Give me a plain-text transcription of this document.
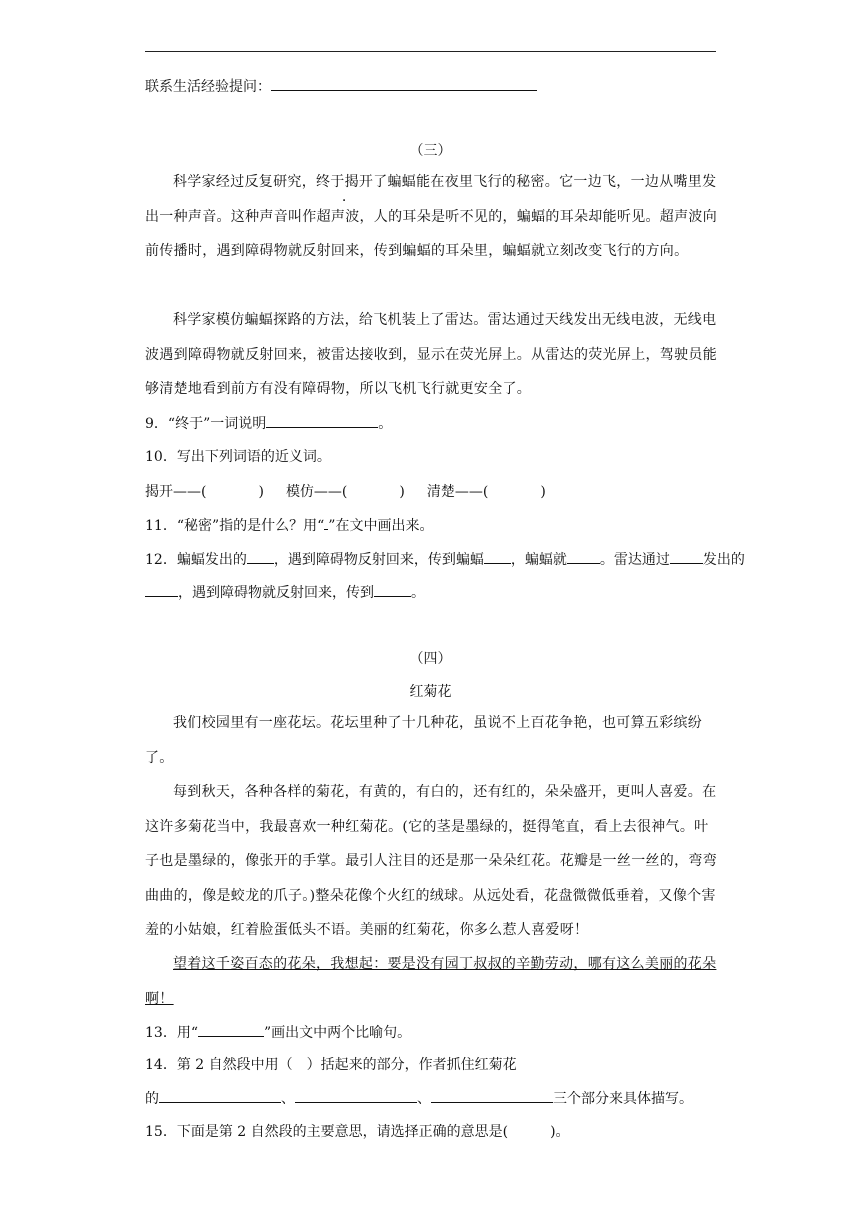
联系生活经验提问：
（三）
科学家经过反复研究，终于揭开了蝙蝠能在夜里飞行的秘密。它一边飞，一边从嘴里发出一种声音。这种声音叫作超声波，人的耳朵是听不见的，蝙蝠的耳朵却能听见。超声波向前传播时，遇到障碍物就反射回来，传到蝙蝠的耳朵里，蝙蝠就立刻改变飞行的方向。
科学家模仿蝙蝠探路的方法，给飞机装上了雷达。雷达通过天线发出无线电波，无线电波遇到障碍物就反射回来，被雷达接收到，显示在荧光屏上。从雷达的荧光屏上，驾驶员能够清楚地看到前方有没有障碍物，所以飞机飞行就更安全了。
9．“终于”一词说明	。
10．写出下列词语的近义词。
揭开——(	) 模仿——(	) 清楚——(	)
11．“秘密”指的是什么？用“ ”在文中画出来。
12．蝙蝠发出的 ，遇到障碍物反射回来，传到蝙蝠 ，蝙蝠就 。雷达通过 发出的
，遇到障碍物就反射回来，传到	。
（四）
红菊花
我们校园里有一座花坛。花坛里种了十几种花，虽说不上百花争艳，也可算五彩缤纷了。
每到秋天，各种各样的菊花，有黄的，有白的，还有红的，朵朵盛开，更叫人喜爱。在这许多菊花当中，我最喜欢一种红菊花。(它的茎是墨绿的，挺得笔直，看上去很神气。叶子也是墨绿的，像张开的手掌。最引人注目的还是那一朵朵红花。花瓣是一丝一丝的，弯弯曲曲的，像是蛟龙的爪子。)整朵花像个火红的绒球。从远处看，花盘微微低垂着，又像个害羞的小姑娘，红着脸蛋低头不语。美丽的红菊花，你多么惹人喜爱呀！
望着这千姿百态的花朵，我想起：要是没有园丁叔叔的辛勤劳动，哪有这么美丽的花朵啊！
13．用“	”画出文中两个比喻句。
14．第 2 自然段中用（　）括起来的部分，作者抓住红菊花
的	、	、	三个部分来具体描写。
15．下面是第 2 自然段的主要意思，请选择正确的意思是(	)。
